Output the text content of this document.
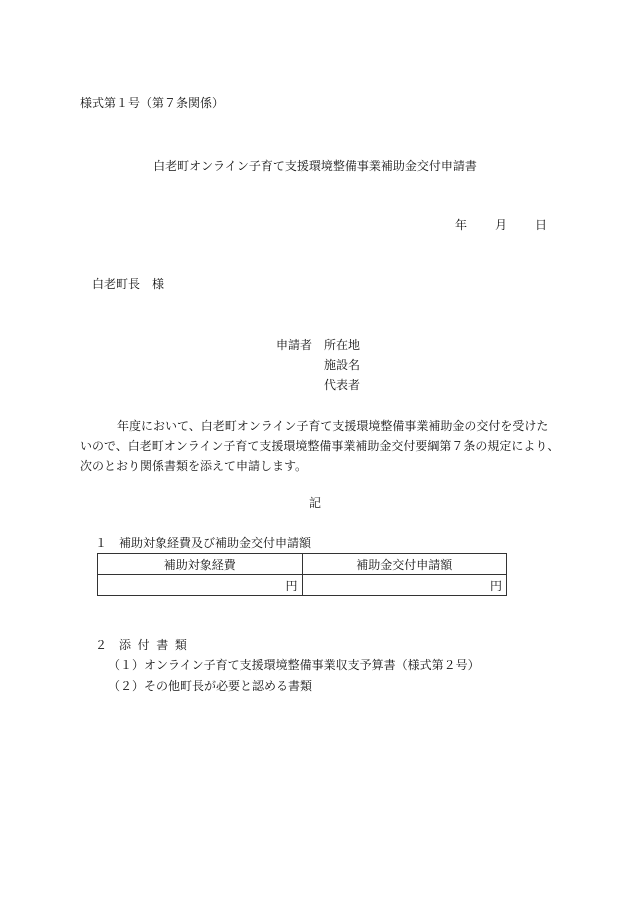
様式第１号（第７条関係）
白老町オンライン子育て支援環境整備事業補助金交付申請書
年 月 日
白老町長　様
申請者 所在地
施設名
代表者
年度において、白老町オンライン子育て支援環境整備事業補助金の交付を受けた
いので、白老町オンライン子育て支援環境整備事業補助金交付要綱第７条の規定により、
次のとおり関係書類を添えて申請します。
記
１　補助対象経費及び補助金交付申請額
補助対象経費	補助金交付申請額
円	円
２　 添付書類
（１）オンライン子育て支援環境整備事業収支予算書（様式第２号）
（２）その他町長が必要と認める書類
